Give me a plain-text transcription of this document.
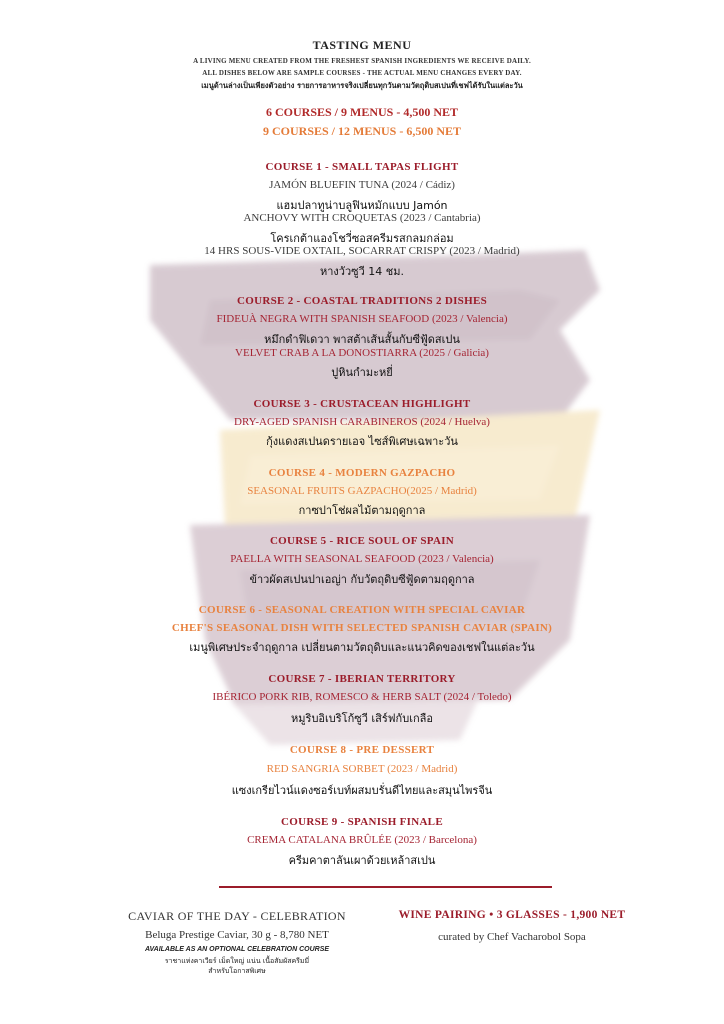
TASTING MENU
A LIVING MENU CREATED FROM THE FRESHEST SPANISH INGREDIENTS WE RECEIVE DAILY.
ALL DISHES BELOW ARE SAMPLE COURSES - THE ACTUAL MENU CHANGES EVERY DAY.
เมนูด้านล่างเป็นเพียงตัวอย่าง รายการอาหารจริงเปลี่ยนทุกวันตามวัตถุดิบสเปนที่เชฟได้รับในแต่ละวัน
6 COURSES / 9 MENUS - 4,500 NET
9 COURSES / 12 MENUS - 6,500 NET
COURSE 1 - SMALL TAPAS FLIGHT
JAMÓN BLUEFIN TUNA (2024 / Cádiz)
แฮมปลาทูน่าบลูฟินหมักแบบ Jamón
ANCHOVY WITH CROQUETAS (2023 / Cantabria)
โครเกต้าแองโชวี่ซอสครีมรสกลมกล่อม
14 HRS SOUS-VIDE OXTAIL, SOCARRAT CRISPY (2023 / Madrid)
หางวัวซูวี 14 ชม.
COURSE 2 - COASTAL TRADITIONS 2 DISHES
FIDEUÀ NEGRA WITH SPANISH SEAFOOD (2023 / Valencia)
หมึกดำฟิเดวา พาสต้าเส้นสั้นกับซีฟู้ดสเปน
VELVET CRAB A LA DONOSTIARRA (2025 / Galicia)
ปูหินกำมะหยี่
COURSE 3 - CRUSTACEAN HIGHLIGHT
DRY-AGED SPANISH CARABINEROS (2024 / Huelva)
กุ้งแดงสเปนดรายเอจ ไซส์พิเศษเฉพาะวัน
COURSE 4 - MODERN GAZPACHO
SEASONAL FRUITS GAZPACHO(2025 / Madrid)
กาซปาโช่ผลไม้ตามฤดูกาล
COURSE 5 - RICE SOUL OF SPAIN
PAELLA WITH SEASONAL SEAFOOD (2023 / Valencia)
ข้าวผัดสเปนปาเอญ่า กับวัตถุดิบซีฟู้ดตามฤดูกาล
COURSE 6 - SEASONAL CREATION WITH SPECIAL CAVIAR
CHEF'S SEASONAL DISH WITH SELECTED SPANISH CAVIAR (SPAIN)
เมนูพิเศษประจำฤดูกาล เปลี่ยนตามวัตถุดิบและแนวคิดของเชฟในแต่ละวัน
COURSE 7 - IBERIAN TERRITORY
IBÉRICO PORK RIB, ROMESCO & HERB SALT (2024 / Toledo)
หมูริบอิเบริโก้ซูวี เสิร์ฟกับเกลือ
COURSE 8 - PRE DESSERT
RED SANGRIA SORBET (2023 / Madrid)
แซงเกรียไวน์แดงซอร์เบท์ผสมบรั่นดีไทยและสมุนไพรจีน
COURSE 9 - SPANISH FINALE
CREMA CATALANA BRÛLÉE (2023 / Barcelona)
ครีมคาตาลันเผาด้วยเหล้าสเปน
CAVIAR OF THE DAY - CELEBRATION
Beluga Prestige Caviar, 30 g - 8,780 NET
AVAILABLE AS AN OPTIONAL CELEBRATION COURSE
ราชาแห่งคาเวียร์ เม็ดใหญ่ แน่น เนื้อสัมผัสครีมมี่
สำหรับโอกาสพิเศษ
WINE PAIRING • 3 GLASSES - 1,900 NET
curated by Chef Vacharobol Sopa
